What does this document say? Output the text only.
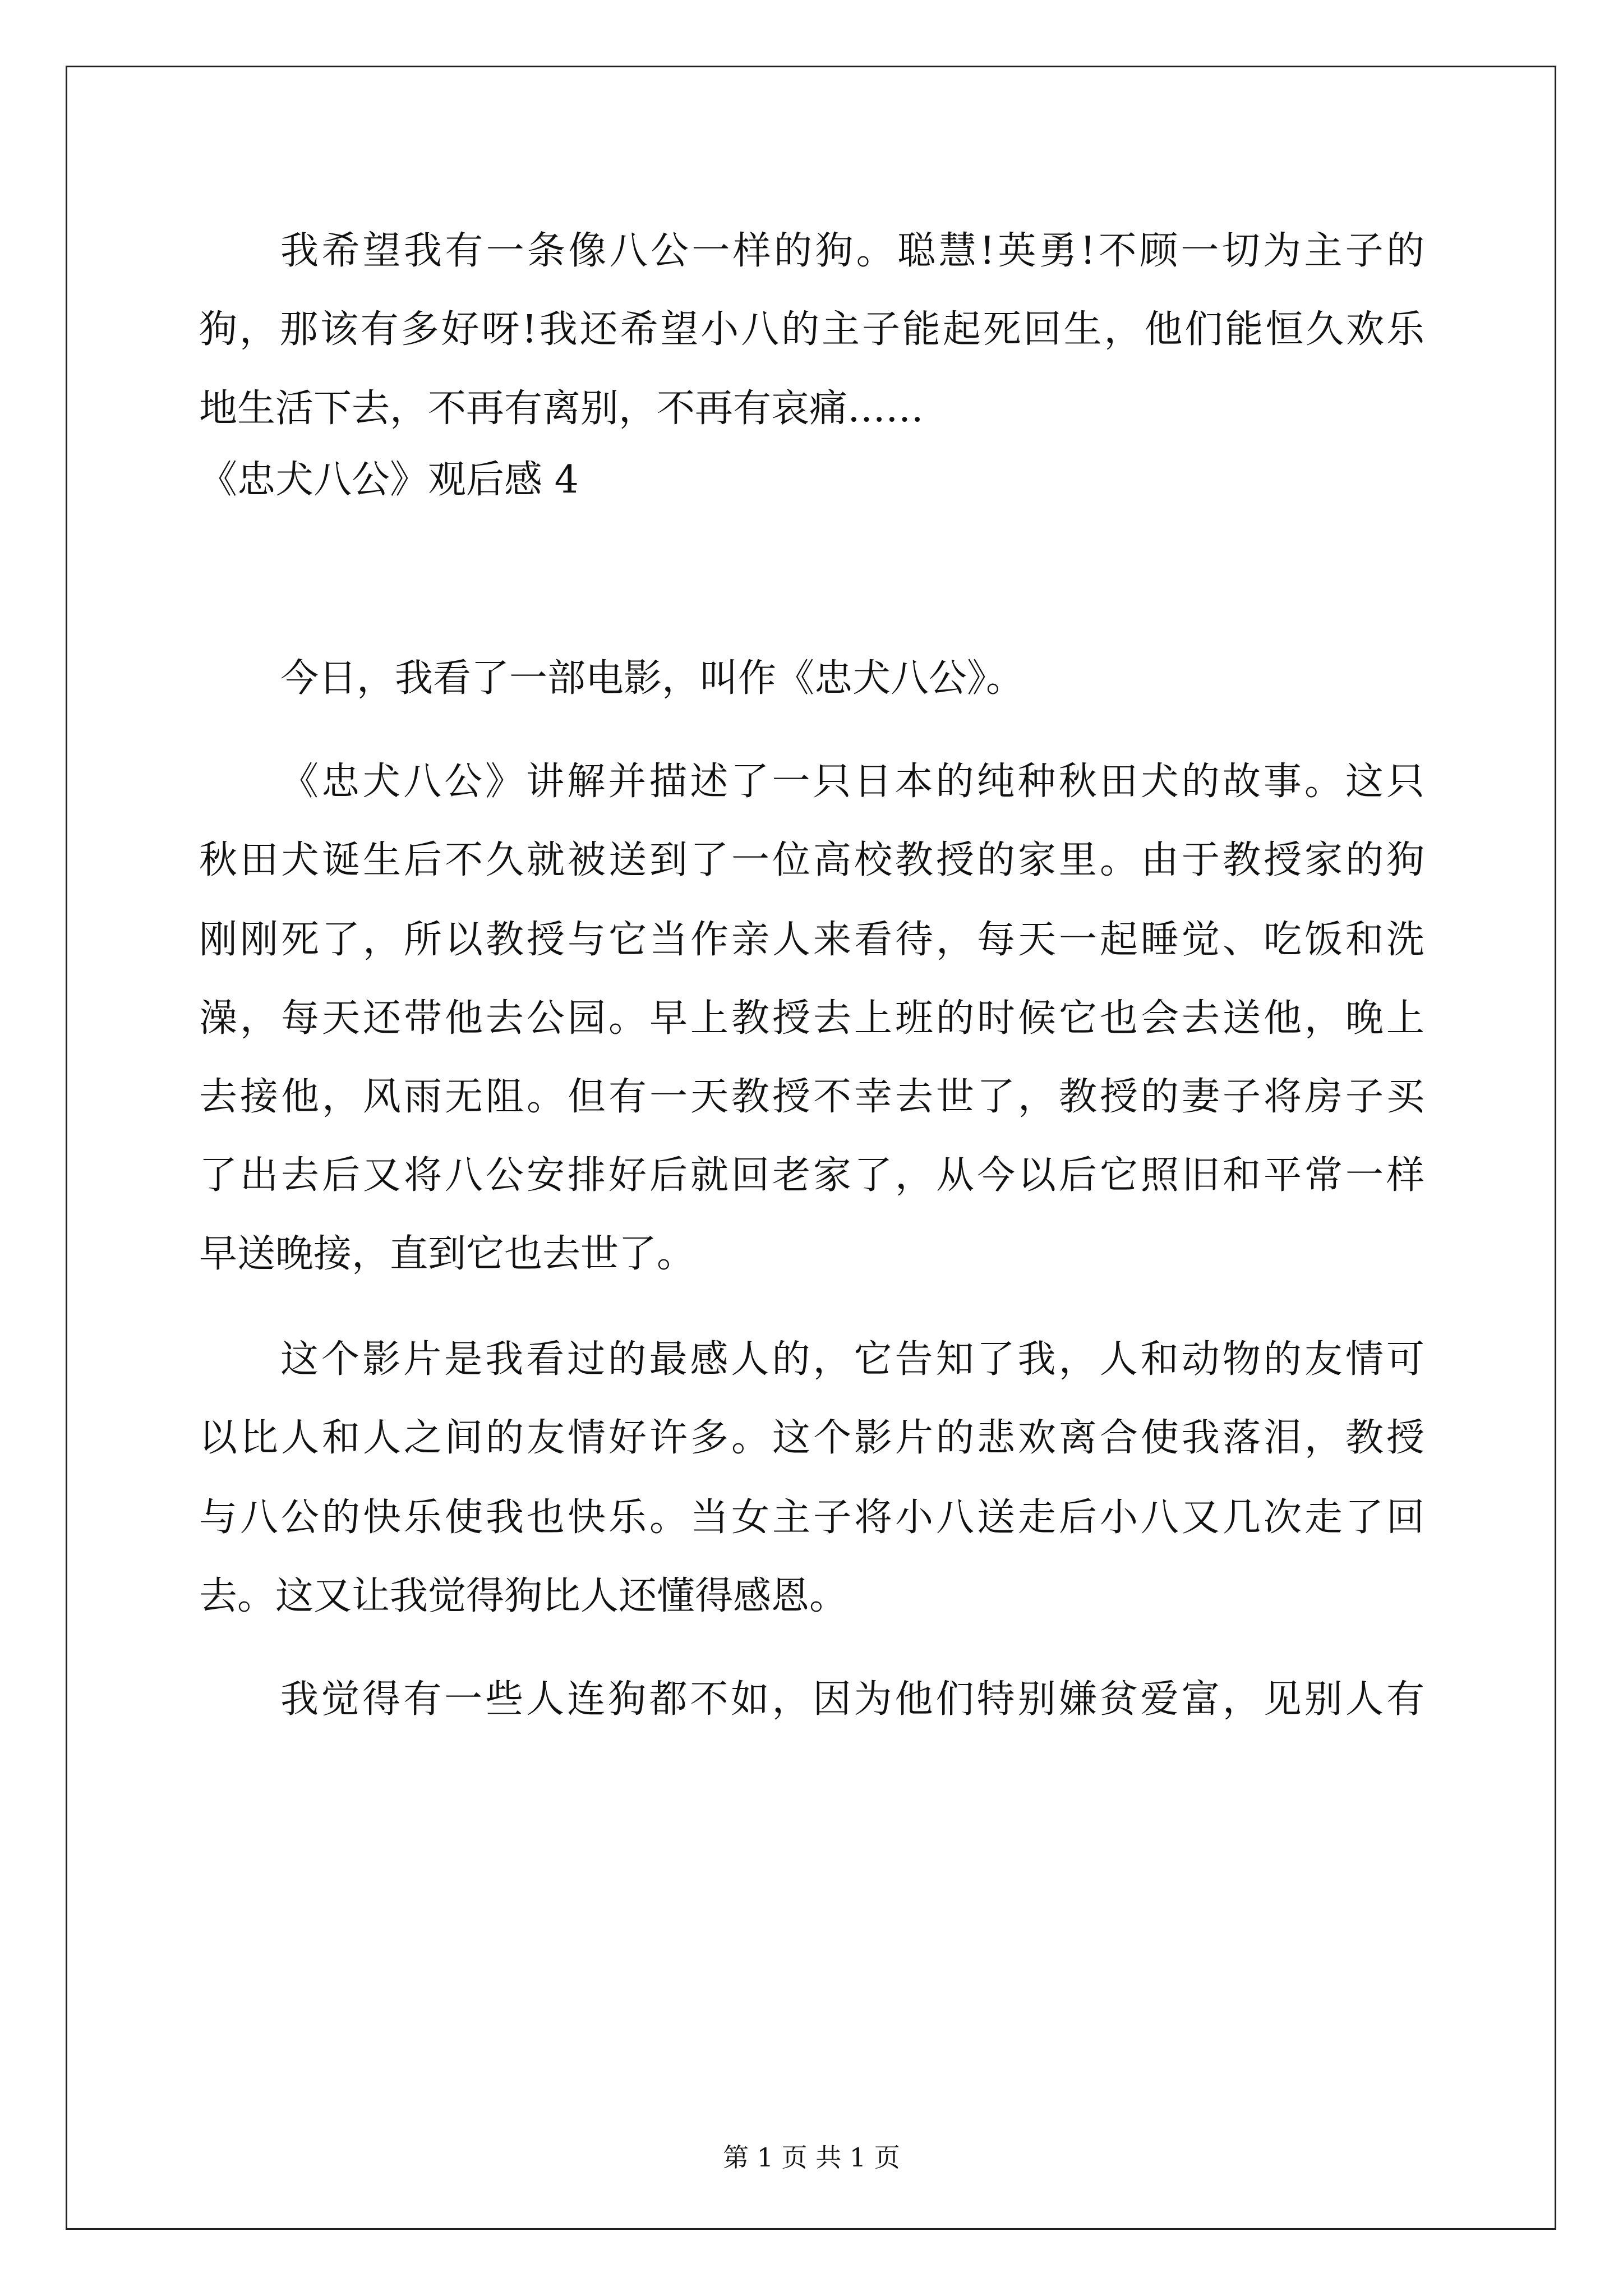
我希望我有一条像八公一样的狗。聪慧!英勇!不顾一切为主子的
狗，那该有多好呀!我还希望小八的主子能起死回生，他们能恒久欢乐
地生活下去，不再有离别，不再有哀痛……
《忠犬八公》观后感 4
今日，我看了一部电影，叫作《忠犬八公》。
《忠犬八公》讲解并描述了一只日本的纯种秋田犬的故事。这只
秋田犬诞生后不久就被送到了一位高校教授的家里。由于教授家的狗
刚刚死了，所以教授与它当作亲人来看待，每天一起睡觉、吃饭和洗
澡，每天还带他去公园。早上教授去上班的时候它也会去送他，晚上
去接他，风雨无阻。但有一天教授不幸去世了，教授的妻子将房子买
了出去后又将八公安排好后就回老家了，从今以后它照旧和平常一样
早送晚接，直到它也去世了。
这个影片是我看过的最感人的，它告知了我，人和动物的友情可
以比人和人之间的友情好许多。这个影片的悲欢离合使我落泪，教授
与八公的快乐使我也快乐。当女主子将小八送走后小八又几次走了回
去。这又让我觉得狗比人还懂得感恩。
我觉得有一些人连狗都不如，因为他们特别嫌贫爱富，见别人有
第 1 页 共 1 页
